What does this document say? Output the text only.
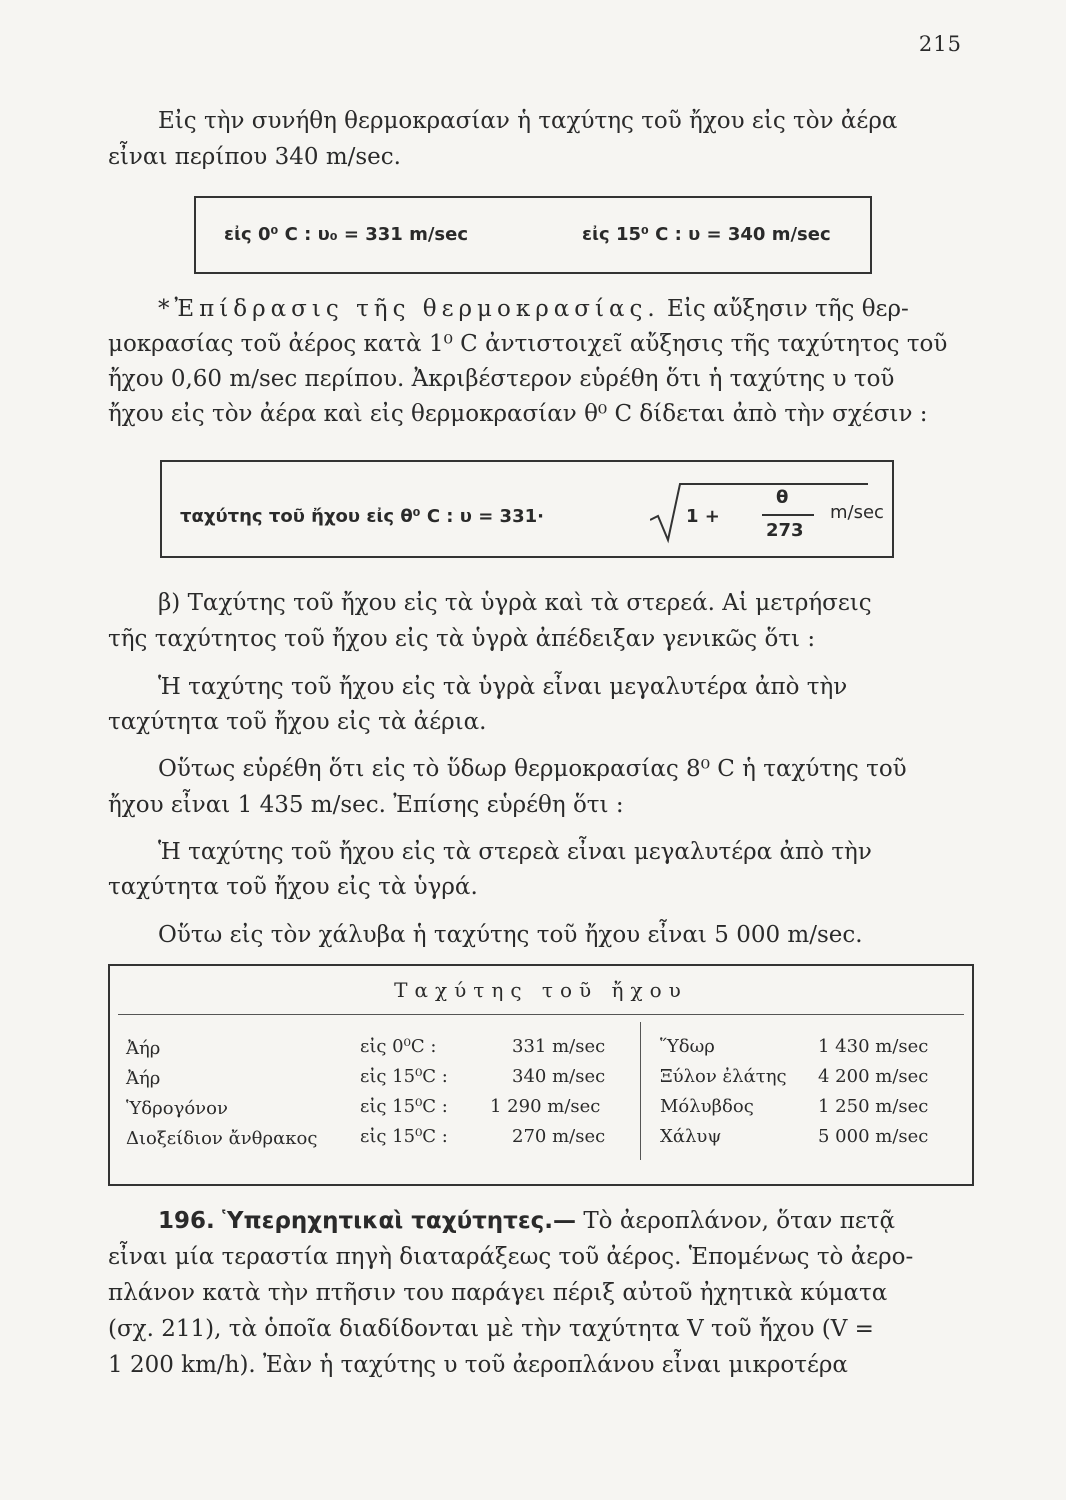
215
Εἰς τὴν συνήθη θερμοκρασίαν ἡ ταχύτης τοῦ ἤχου εἰς τὸν ἀέρα
εἶναι περίπου 340 m/sec.
εἰς 0⁰ C : υ₀ = 331 m/sec	εἰς 15⁰ C : υ = 340 m/sec
*Ἐπίδρασις τῆς θερμοκρασίας. Εἰς αὔξησιν τῆς θερ-
μοκρασίας τοῦ ἀέρος κατὰ 1⁰ C ἀντιστοιχεῖ αὔξησις τῆς ταχύτητος τοῦ
ἤχου 0,60 m/sec περίπου. Ἀκριβέστερον εὑρέθη ὅτι ἡ ταχύτης υ τοῦ
ἤχου εἰς τὸν ἀέρα καὶ εἰς θερμοκρασίαν θ⁰ C δίδεται ἀπὸ τὴν σχέσιν :
ταχύτης τοῦ ἤχου εἰς θ⁰ C : υ = 331·	1 +
θ
273
m/sec
β) Ταχύτης τοῦ ἤχου εἰς τὰ ὑγρὰ καὶ τὰ στερεά. Αἱ μετρήσεις
τῆς ταχύτητος τοῦ ἤχου εἰς τὰ ὑγρὰ ἀπέδειξαν γενικῶς ὅτι :
Ἡ ταχύτης τοῦ ἤχου εἰς τὰ ὑγρὰ εἶναι μεγαλυτέρα ἀπὸ τὴν
ταχύτητα τοῦ ἤχου εἰς τὰ ἀέρια.
Οὕτως εὑρέθη ὅτι εἰς τὸ ὕδωρ θερμοκρασίας 8⁰ C ἡ ταχύτης τοῦ
ἤχου εἶναι 1 435 m/sec. Ἐπίσης εὑρέθη ὅτι :
Ἡ ταχύτης τοῦ ἤχου εἰς τὰ στερεὰ εἶναι μεγαλυτέρα ἀπὸ τὴν
ταχύτητα τοῦ ἤχου εἰς τὰ ὑγρά.
Οὕτω εἰς τὸν χάλυβα ἡ ταχύτης τοῦ ἤχου εἶναι 5 000 m/sec.
Ταχύτης τοῦ ἤχου
Ἀήρ	εἰς 0⁰C :	331 m/sec
Ἀήρ	εἰς 15⁰C :	340 m/sec
Ὑδρογόνον	εἰς 15⁰C : 1 290 m/sec
Διοξείδιον ἄνθρακος εἰς 15⁰C :	270 m/sec
Ὕδωρ	1 430 m/sec
Ξύλον ἐλάτης 4 200 m/sec
Μόλυβδος	1 250 m/sec
Χάλυψ	5 000 m/sec
196. Ὑπερηχητικαὶ ταχύτητες.— Τὸ ἀεροπλάνον, ὅταν πετᾷ
εἶναι μία τεραστία πηγὴ διαταράξεως τοῦ ἀέρος. Ἑπομένως τὸ ἀερο-
πλάνον κατὰ τὴν πτῆσιν του παράγει πέριξ αὐτοῦ ἠχητικὰ κύματα
(σχ. 211), τὰ ὁποῖα διαδίδονται μὲ τὴν ταχύτητα V τοῦ ἤχου (V =
1 200 km/h). Ἐὰν ἡ ταχύτης υ τοῦ ἀεροπλάνου εἶναι μικροτέρα
